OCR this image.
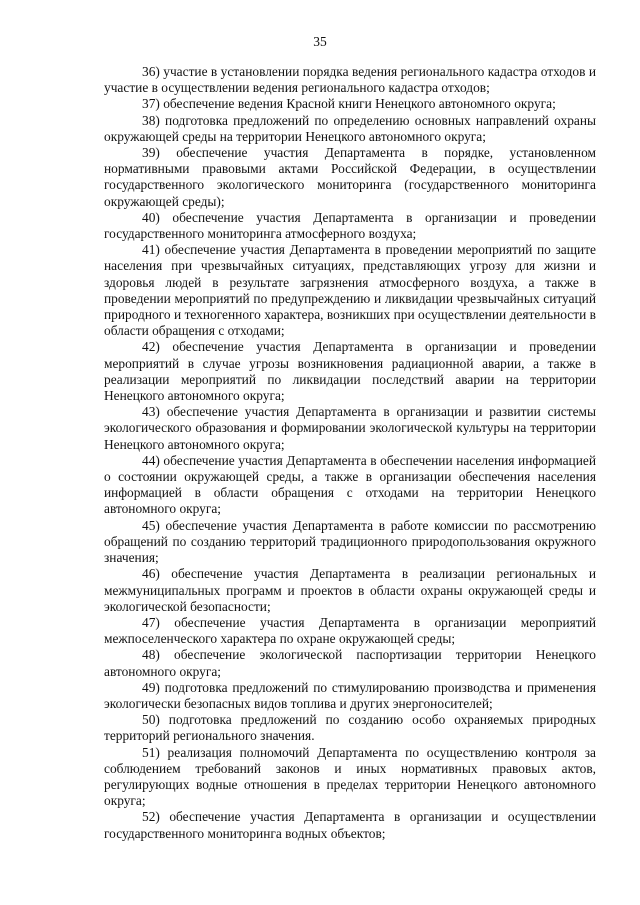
35

36) участие в установлении порядка ведения регионального кадастра отходов и участие в осуществлении ведения регионального кадастра отходов;

37) обеспечение ведения Красной книги Ненецкого автономного округа;

38) подготовка предложений по определению основных направлений охраны окружающей среды на территории Ненецкого автономного округа;

39) обеспечение участия Департамента в порядке, установленном нормативными правовыми актами Российской Федерации, в осуществлении государственного экологического мониторинга (государственного мониторинга окружающей среды);

40) обеспечение участия Департамента в организации и проведении государственного мониторинга атмосферного воздуха;

41) обеспечение участия Департамента в проведении мероприятий по защите населения при чрезвычайных ситуациях, представляющих угрозу для жизни и здоровья людей в результате загрязнения атмосферного воздуха, а также в проведении мероприятий по предупреждению и ликвидации чрезвычайных ситуаций природного и техногенного характера, возникших при осуществлении деятельности в области обращения с отходами;

42) обеспечение участия Департамента в организации и проведении мероприятий в случае угрозы возникновения радиационной аварии, а также в реализации мероприятий по ликвидации последствий аварии на территории Ненецкого автономного округа;

43) обеспечение участия Департамента в организации и развитии системы экологического образования и формировании экологической культуры на территории Ненецкого автономного округа;

44) обеспечение участия Департамента в обеспечении населения информацией о состоянии окружающей среды, а также в организации обеспечения населения информацией в области обращения с отходами на территории Ненецкого автономного округа;

45) обеспечение участия Департамента в работе комиссии по рассмотрению обращений по созданию территорий традиционного природопользования окружного значения;

46) обеспечение участия Департамента в реализации региональных и межмуниципальных программ и проектов в области охраны окружающей среды и экологической безопасности;

47) обеспечение участия Департамента в организации мероприятий межпоселенческого характера по охране окружающей среды;

48) обеспечение экологической паспортизации территории Ненецкого автономного округа;

49) подготовка предложений по стимулированию производства и применения экологически безопасных видов топлива и других энергоносителей;

50) подготовка предложений по созданию особо охраняемых природных территорий регионального значения.

51) реализация полномочий Департамента по осуществлению контроля за соблюдением требований законов и иных нормативных правовых актов, регулирующих водные отношения в пределах территории Ненецкого автономного округа;

52) обеспечение участия Департамента в организации и осуществлении государственного мониторинга водных объектов;
